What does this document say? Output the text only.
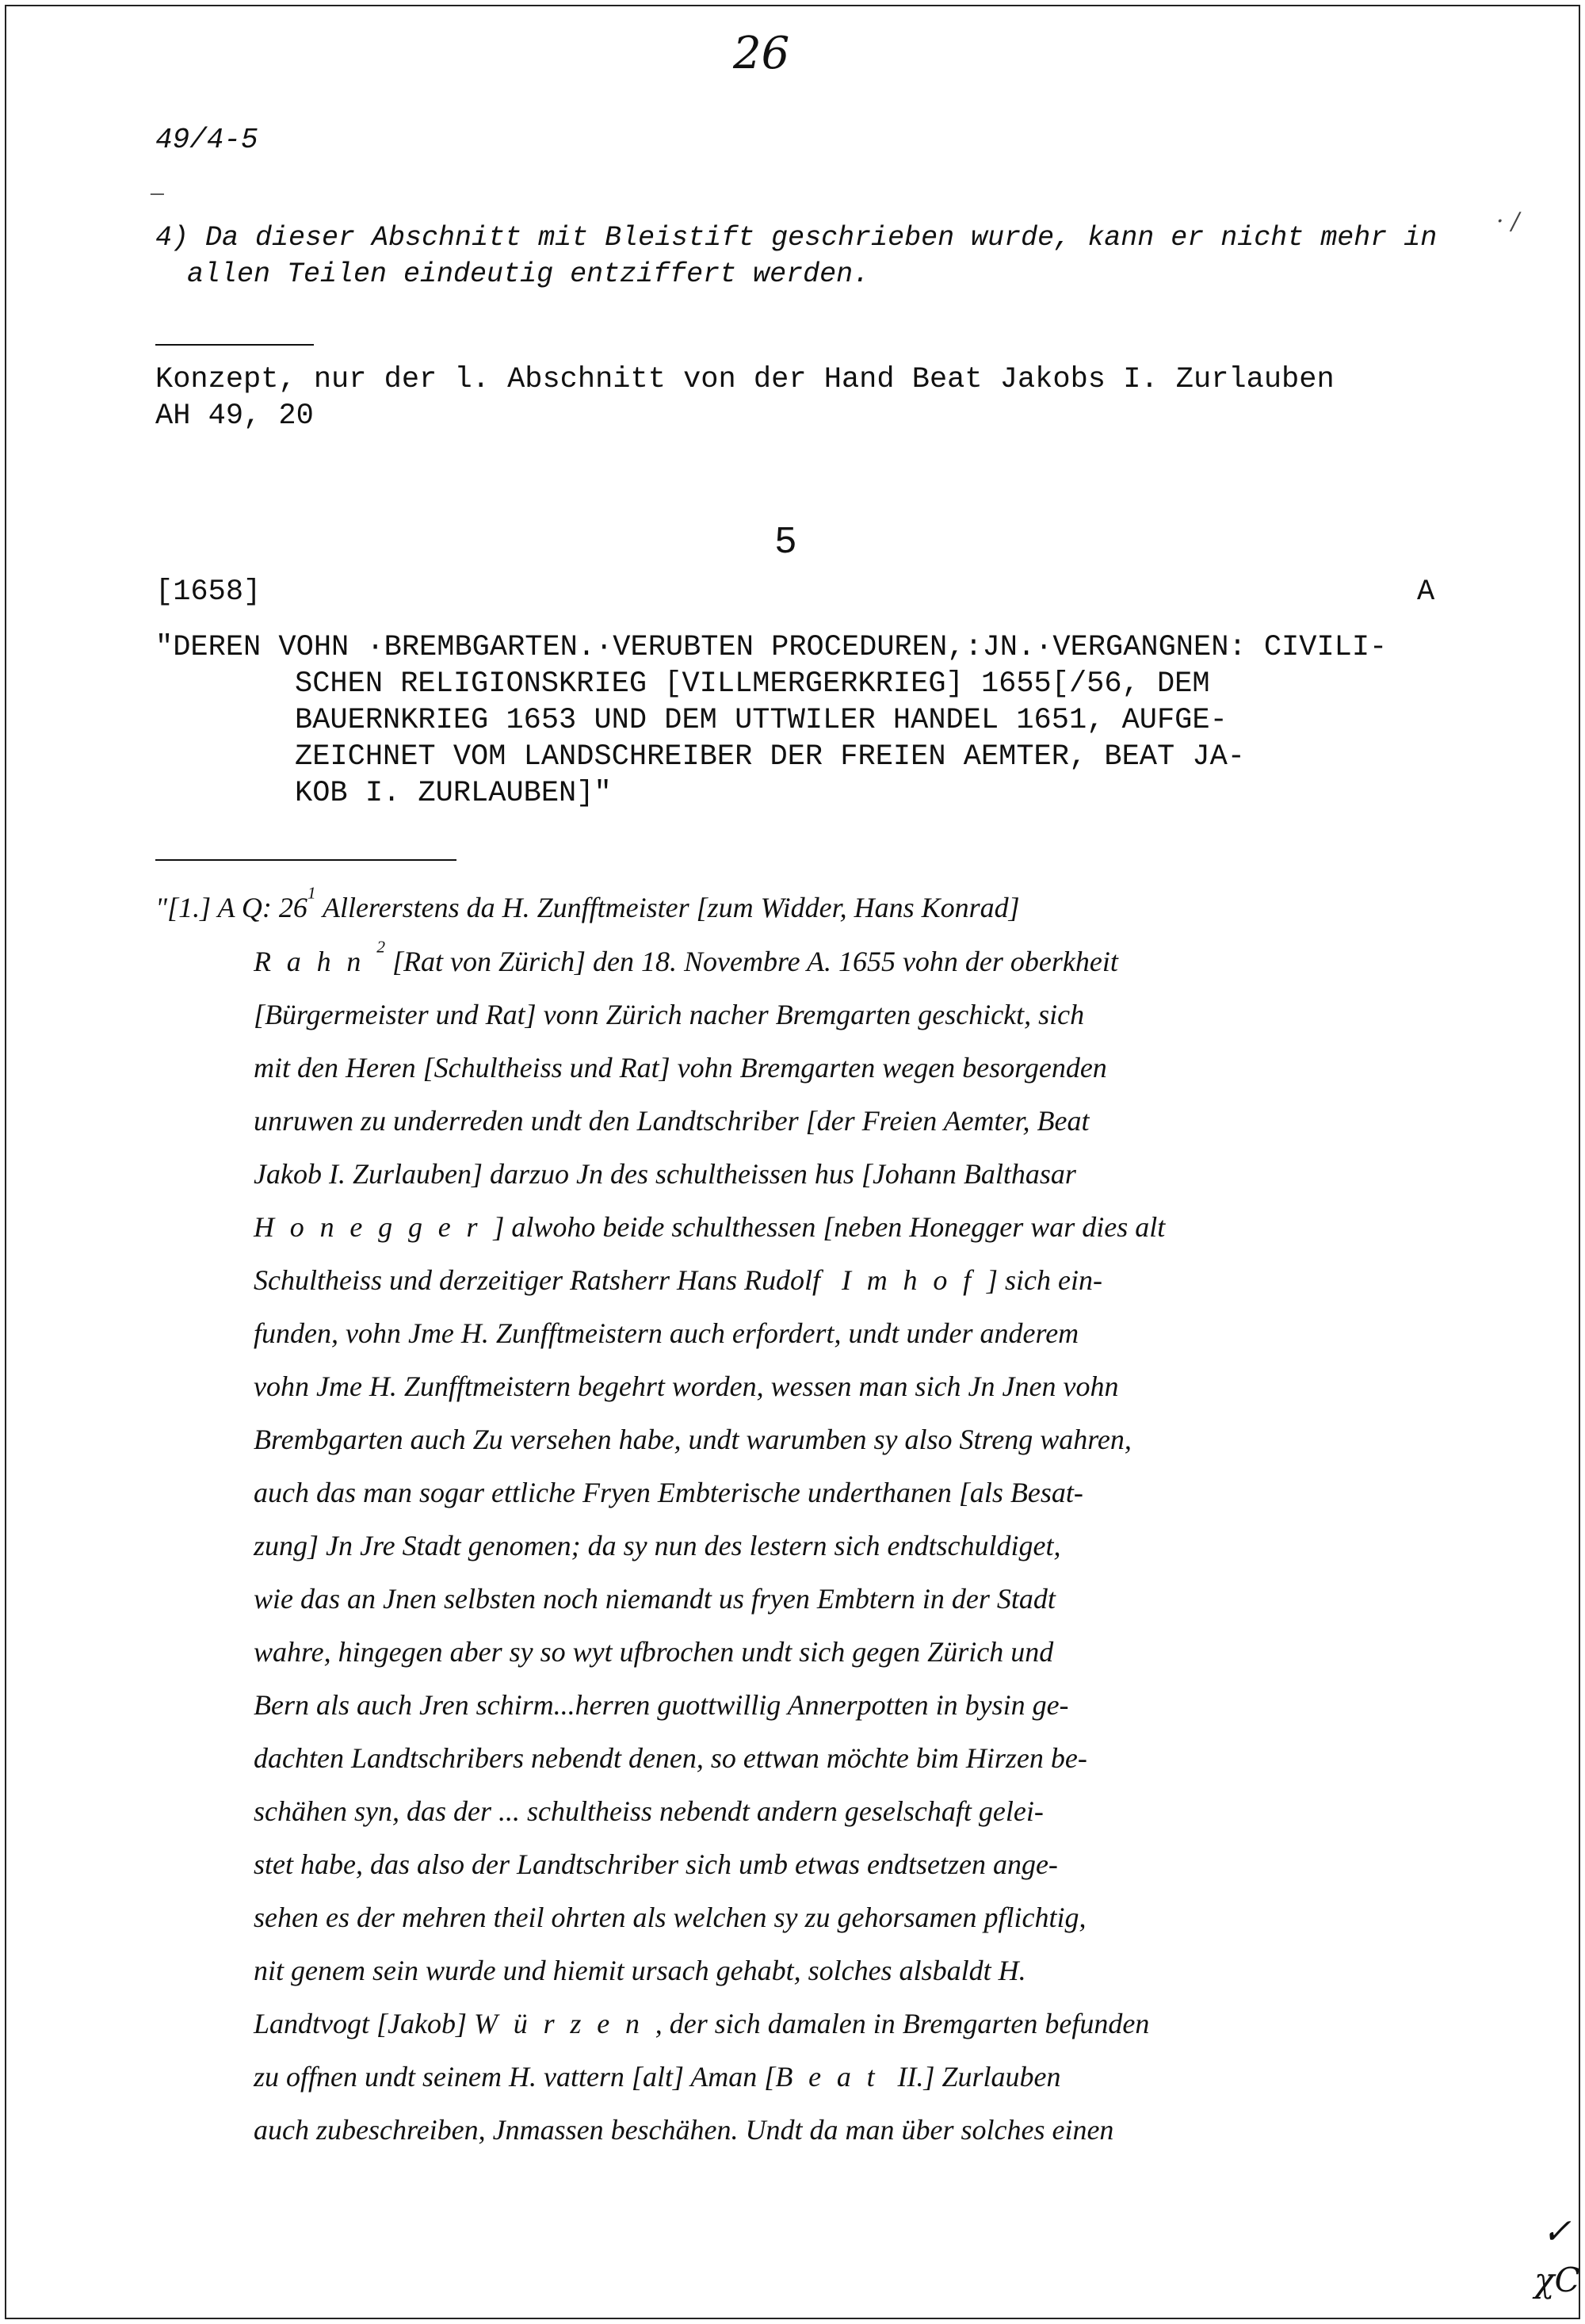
26
49/4-5
—
4) Da dieser Abschnitt mit Bleistift geschrieben wurde, kann er nicht mehr in
allen Teilen eindeutig entziffert werden.
· /
Konzept, nur der l. Abschnitt von der Hand Beat Jakobs I. Zurlauben
AH 49, 20
5
[1658]	A
"DEREN VOHN ·BREMBGARTEN.·VERUBTEN PROCEDUREN,:JN.·VERGANGNEN: CIVILI-
SCHEN RELIGIONSKRIEG [VILLMERGERKRIEG] 1655[/56, DEM
BAUERNKRIEG 1653 UND DEM UTTWILER HANDEL 1651, AUFGE-
ZEICHNET VOM LANDSCHREIBER DER FREIEN AEMTER, BEAT JA-
KOB I. ZURLAUBEN]"
"[1.] A Q: $26^1$ Allererstens da H. Zunfftmeister [zum Widder, Hans Konrad]
Rahn$^2$ [Rat von Zürich] den 18. Novembre A. 1655 vohn der oberkheit
[Bürgermeister und Rat] vonn Zürich nacher Bremgarten geschickt, sich
mit den Heren [Schultheiss und Rat] vohn Bremgarten wegen besorgenden
unruwen zu underreden undt den Landtschriber [der Freien Aemter, Beat
Jakob I. Zurlauben] darzuo Jn des schultheissen hus [Johann Balthasar
Honegger] alwoho beide schulthessen [neben Honegger war dies alt
Schultheiss und derzeitiger Ratsherr Hans Rudolf Imhof] sich ein-
funden, vohn Jme H. Zunfftmeistern auch erfordert, undt under anderem
vohn Jme H. Zunfftmeistern begehrt worden, wessen man sich Jn Jnen vohn
Brembgarten auch Zu versehen habe, undt warumben sy also Streng wahren,
auch das man sogar ettliche Fryen Embterische underthanen [als Besat-
zung] Jn Jre Stadt genomen; da sy nun des lestern sich endtschuldiget,
wie das an Jnen selbsten noch niemandt us fryen Embtern in der Stadt
wahre, hingegen aber sy so wyt ufbrochen undt sich gegen Zürich und
Bern als auch Jren schirm...herren guottwillig Annerpotten in bysin ge-
dachten Landtschribers nebendt denen, so ettwan möchte bim Hirzen be-
schähen syn, das der ... schultheiss nebendt andern geselschaft gelei-
stet habe, das also der Landtschriber sich umb etwas endtsetzen ange-
sehen es der mehren theil ohrten als welchen sy zu gehorsamen pflichtig,
nit genem sein wurde und hiemit ursach gehabt, solches alsbaldt H.
Landtvogt [Jakob] Würzen, der sich damalen in Bremgarten befunden
zu offnen undt seinem H. vattern [alt] Aman [Beat II.] Zurlauben
auch zubeschreiben, Jnmassen beschähen. Undt da man über solches einen
✓
χC
